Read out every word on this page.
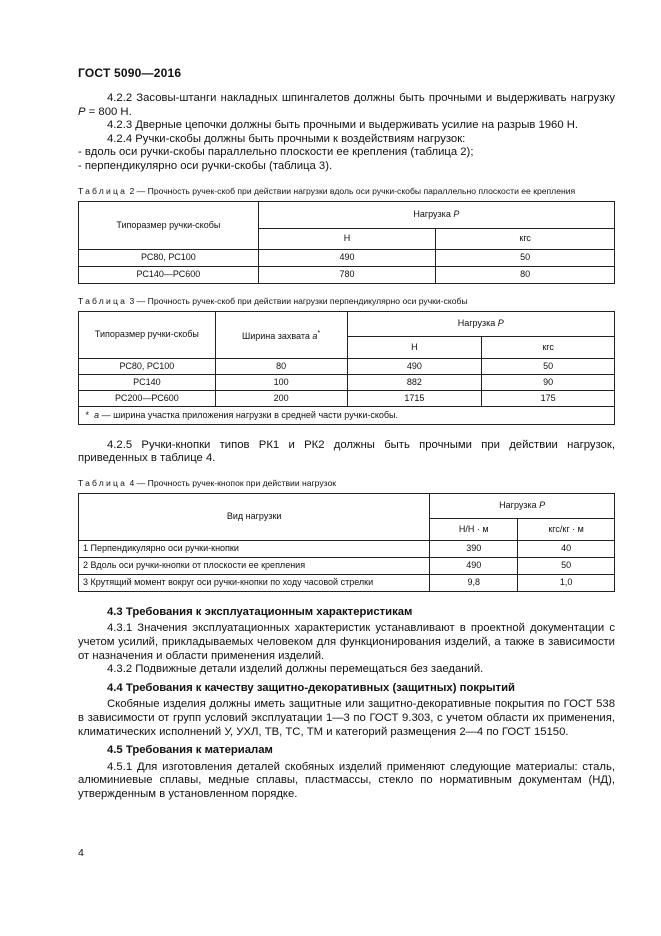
ГОСТ 5090—2016

4.2.2 Засовы-штанги накладных шпингалетов должны быть прочными и выдерживать нагрузку P = 800 Н.

4.2.3 Дверные цепочки должны быть прочными и выдерживать усилие на разрыв 1960 Н.

4.2.4 Ручки-скобы должны быть прочными к воздействиям нагрузок:

- вдоль оси ручки-скобы параллельно плоскости ее крепления (таблица 2);

- перпендикулярно оси ручки-скобы (таблица 3).

Таблица 2 — Прочность ручек-скоб при действии нагрузки вдоль оси ручки-скобы параллельно плоскости ее крепления

Типоразмер ручки-скобы	Нагрузка P	
	Н	кгс
РС80, РС100	490	50
РС140—РС600	780	80

Таблица 3 — Прочность ручек-скоб при действии нагрузки перпендикулярно оси ручки-скобы

Типоразмер ручки-скобы	Ширина захвата a*	Нагрузка P	
		Н	кгс
РС80, РС100	80	490	50
РС140	100	882	90
РС200—РС600	200	1715	175
* a — ширина участка приложения нагрузки в средней части ручки-скобы.			

4.2.5 Ручки-кнопки типов РК1 и РК2 должны быть прочными при действии нагрузок, приведенных в таблице 4.

Таблица 4 — Прочность ручек-кнопок при действии нагрузок

Вид нагрузки	Нагрузка P	
	Н/Н · м	кгс/кг · м
1 Перпендикулярно оси ручки-кнопки	390	40
2 Вдоль оси ручки-кнопки от плоскости ее крепления	490	50
3 Крутящий момент вокруг оси ручки-кнопки по ходу часовой стрелки	9,8	1,0

4.3 Требования к эксплуатационным характеристикам

4.3.1 Значения эксплуатационных характеристик устанавливают в проектной документации с учетом усилий, прикладываемых человеком для функционирования изделий, а также в зависимости от назначения и области применения изделий.

4.3.2 Подвижные детали изделий должны перемещаться без заеданий.

4.4 Требования к качеству защитно-декоративных (защитных) покрытий

Скобяные изделия должны иметь защитные или защитно-декоративные покрытия по ГОСТ 538 в зависимости от групп условий эксплуатации 1—3 по ГОСТ 9.303, с учетом области их применения, климатических исполнений У, УХЛ, ТВ, ТС, ТМ и категорий размещения 2—4 по ГОСТ 15150.

4.5 Требования к материалам

4.5.1 Для изготовления деталей скобяных изделий применяют следующие материалы: сталь, алюминиевые сплавы, медные сплавы, пластмассы, стекло по нормативным документам (НД), утвержденным в установленном порядке.

4
